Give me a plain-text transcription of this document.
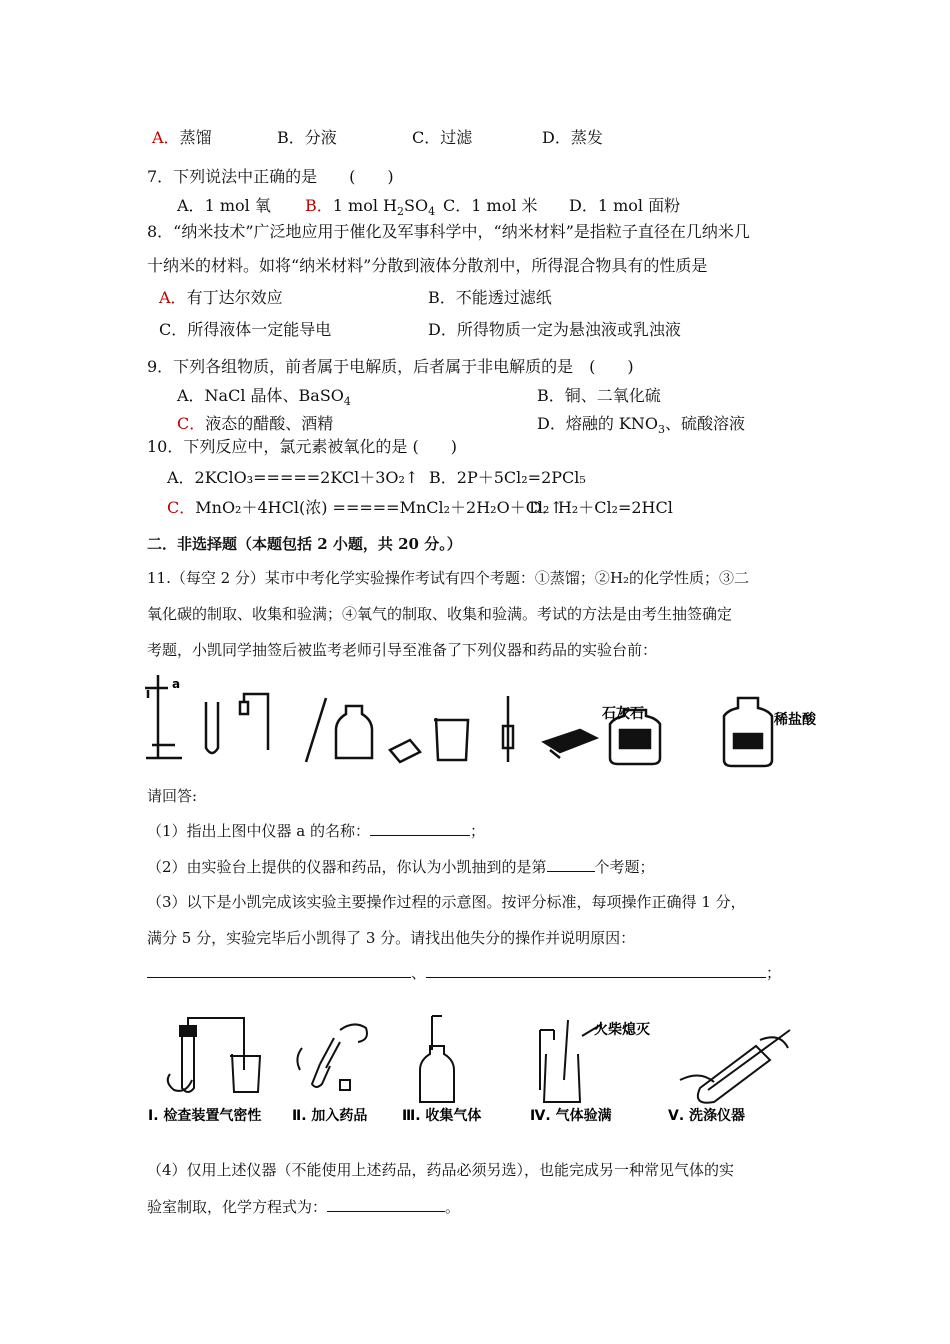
A．蒸馏	B．分液	C．过滤	D．蒸发
7．下列说法中正确的是　　(　　)
A．1 mol 氧 B．1 mol $H_2SO_4$ C．1 mol 米 D．1 mol 面粉
8．“纳米技术”广泛地应用于催化及军事科学中，“纳米材料”是指粒子直径在几纳米几
十纳米的材料。如将“纳米材料”分散到液体分散剂中，所得混合物具有的性质是
A．有丁达尔效应	B．不能透过滤纸
C．所得液体一定能导电	D．所得物质一定为悬浊液或乳浊液
9．下列各组物质，前者属于电解质，后者属于非电解质的是　(　　)
A．NaCl 晶体、BaSO$_4$	B．铜、二氧化硫
C．液态的醋酸、酒精	D．熔融的 $KNO_3$、硫酸溶液
10．下列反应中，氯元素被氧化的是 (　　)
A．2KClO₃=====2KCl＋3O₂↑ B．2P＋5Cl₂=2PCl₅
C．MnO₂＋4HCl(浓) =====MnCl₂＋2H₂O＋Cl₂↑
D．H₂＋Cl₂=2HCl
二．非选择题（本题包括 2 小题，共 20 分。）
11.（每空 2 分）某市中考化学实验操作考试有四个考题：①蒸馏；②H₂的化学性质；③二
氧化碳的制取、收集和验满；④氧气的制取、收集和验满。考试的方法是由考生抽签确定
考题，小凯同学抽签后被监考老师引导至准备了下列仪器和药品的实验台前：
a
石灰石	稀盐酸
请回答:
（1）指出上图中仪器 a 的名称：	；
（2）由实验台上提供的仪器和药品，你认为小凯抽到的是第	个考题；
（3）以下是小凯完成该实验主要操作过程的示意图。按评分标准，每项操作正确得 1 分，
满分 5 分，实验完毕后小凯得了 3 分。请找出他失分的操作并说明原因：
、	；
火柴熄灭
Ⅰ. 检查装置气密性 Ⅱ. 加入药品 Ⅲ. 收集气体	Ⅳ. 气体验满	Ⅴ. 洗涤仪器
（4）仅用上述仪器（不能使用上述药品，药品必须另选），也能完成另一种常见气体的实
验室制取，化学方程式为：	。
